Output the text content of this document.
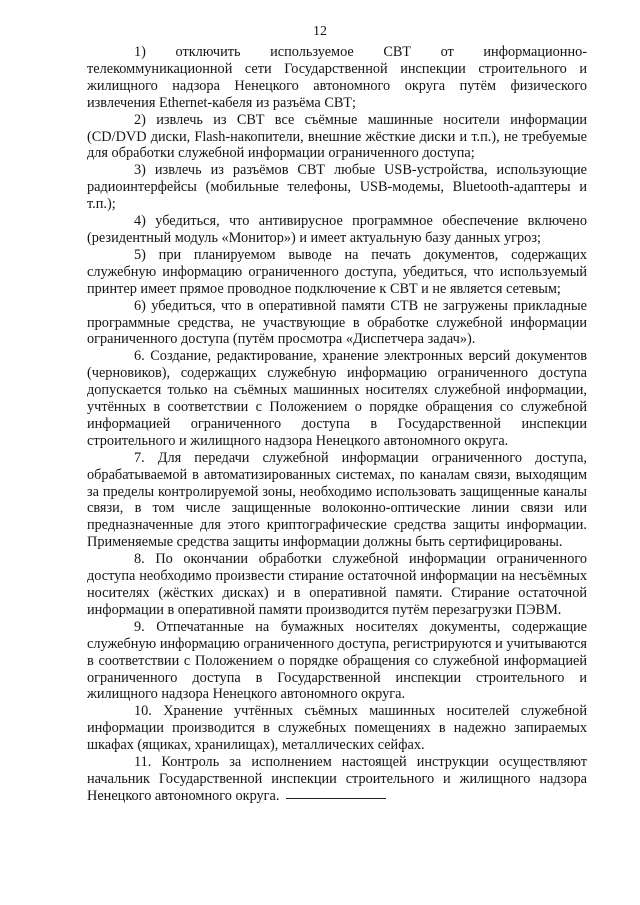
12

1) отключить используемое СВТ от информационно-телекоммуникационной сети Государственной инспекции строительного и жилищного надзора Ненецкого автономного округа путём физического извлечения Ethernet-кабеля из разъёма СВТ;

2) извлечь из СВТ все съёмные машинные носители информации (CD/DVD диски, Flash-накопители, внешние жёсткие диски и т.п.), не требуемые для обработки служебной информации ограниченного доступа;

3) извлечь из разъёмов СВТ любые USB-устройства, использующие радиоинтерфейсы (мобильные телефоны, USB-модемы, Bluetooth-адаптеры и т.п.);

4) убедиться, что антивирусное программное обеспечение включено (резидентный модуль «Монитор») и имеет актуальную базу данных угроз;

5) при планируемом выводе на печать документов, содержащих служебную информацию ограниченного доступа, убедиться, что используемый принтер имеет прямое проводное подключение к СВТ и не является сетевым;

6) убедиться, что в оперативной памяти СТВ не загружены прикладные программные средства, не участвующие в обработке служебной информации ограниченного доступа (путём просмотра «Диспетчера задач»).

6. Создание, редактирование, хранение электронных версий документов (черновиков), содержащих служебную информацию ограниченного доступа допускается только на съёмных машинных носителях служебной информации, учтённых в соответствии с Положением о порядке обращения со служебной информацией ограниченного доступа в Государственной инспекции строительного и жилищного надзора Ненецкого автономного округа.

7. Для передачи служебной информации ограниченного доступа, обрабатываемой в автоматизированных системах, по каналам связи, выходящим за пределы контролируемой зоны, необходимо использовать защищенные каналы связи, в том числе защищенные волоконно-оптические линии связи или предназначенные для этого криптографические средства защиты информации. Применяемые средства защиты информации должны быть сертифицированы.

8. По окончании обработки служебной информации ограниченного доступа необходимо произвести стирание остаточной информации на несъёмных носителях (жёстких дисках) и в оперативной памяти. Стирание остаточной информации в оперативной памяти производится путём перезагрузки ПЭВМ.

9. Отпечатанные на бумажных носителях документы, содержащие служебную информацию ограниченного доступа, регистрируются и учитываются в соответствии с Положением о порядке обращения со служебной информацией ограниченного доступа в Государственной инспекции строительного и жилищного надзора Ненецкого автономного округа.

10. Хранение учтённых съёмных машинных носителей служебной информации производится в служебных помещениях в надежно запираемых шкафах (ящиках, хранилищах), металлических сейфах.

11. Контроль за исполнением настоящей инструкции осуществляют начальник Государственной инспекции строительного и жилищного надзора Ненецкого автономного округа.
